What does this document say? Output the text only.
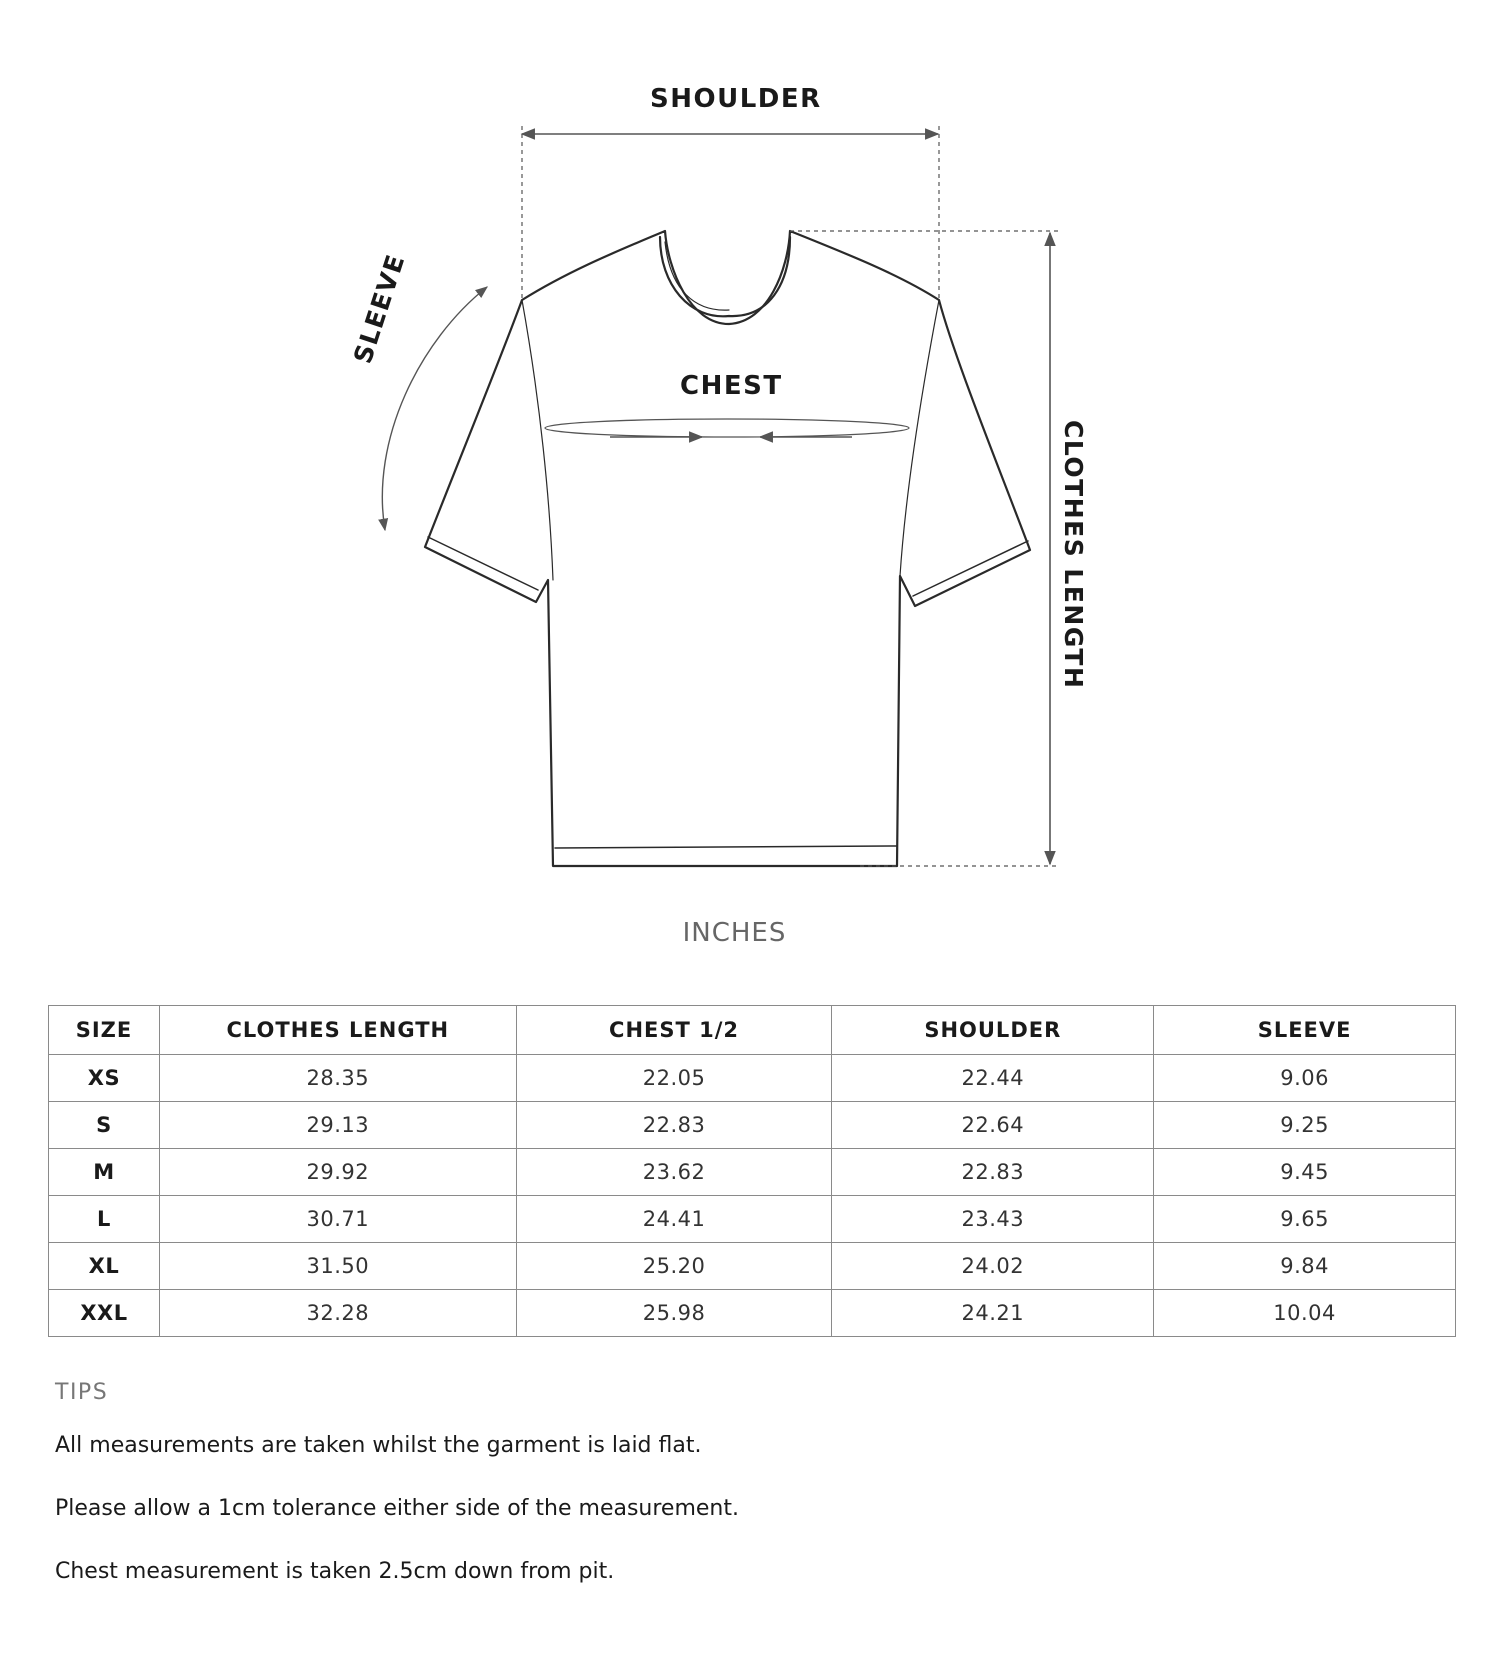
SHOULDER
CHEST
SLEEVE
CLOTHES LENGTH
INCHES
SIZE	CLOTHES LENGTH	CHEST 1/2	SHOULDER	SLEEVE
XS	28.35	22.05	22.44	9.06
S	29.13	22.83	22.64	9.25
M	29.92	23.62	22.83	9.45
L	30.71	24.41	23.43	9.65
XL	31.50	25.20	24.02	9.84
XXL	32.28	25.98	24.21	10.04
TIPS
All measurements are taken whilst the garment is laid flat.
Please allow a 1cm tolerance either side of the measurement.
Chest measurement is taken 2.5cm down from pit.
